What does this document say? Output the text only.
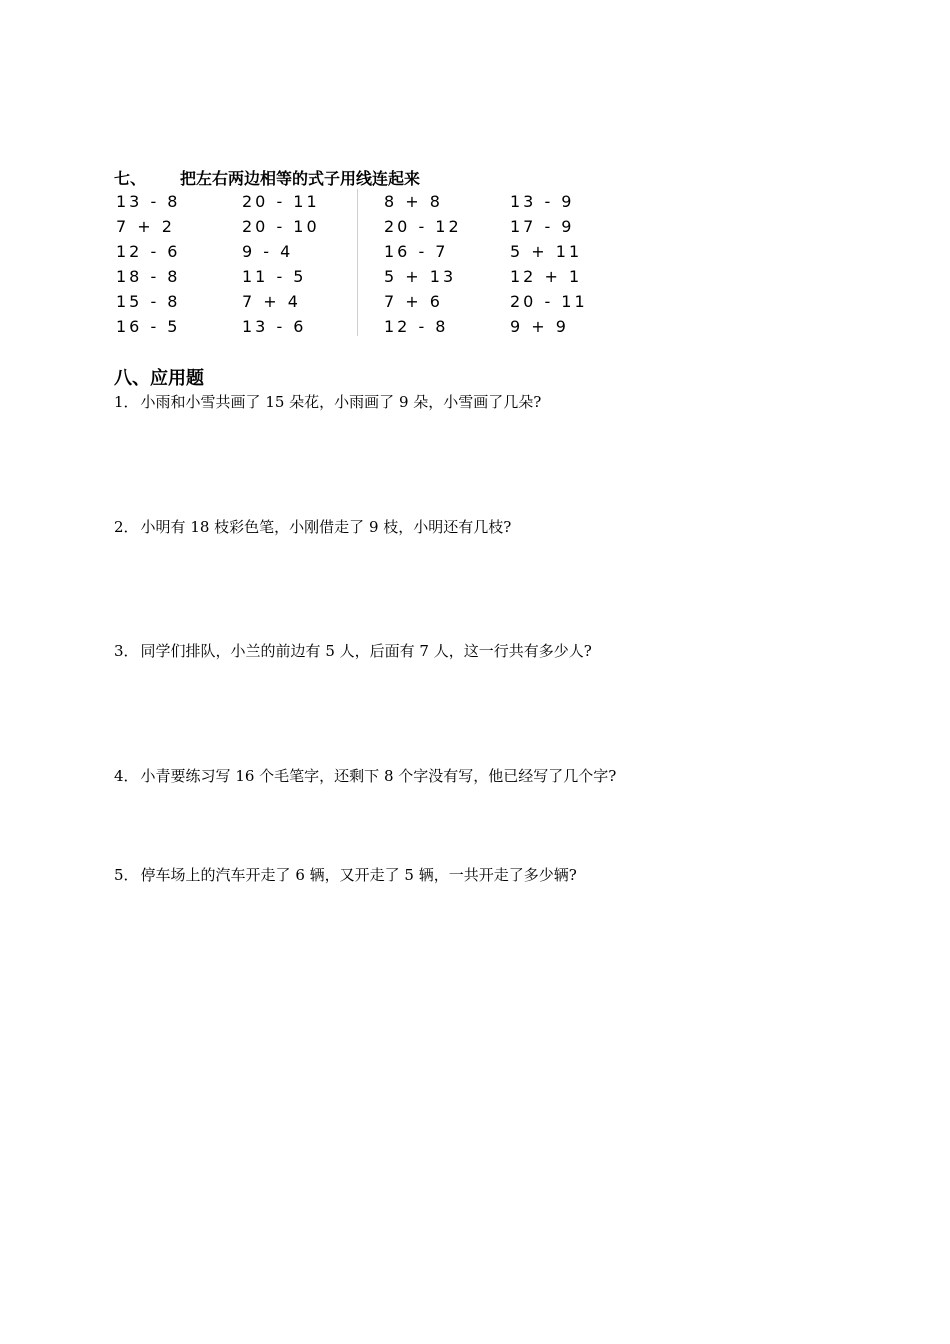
七、 把左右两边相等的式子用线连起来
13 - 8
7 + 2
12 - 6
18 - 8
15 - 8
16 - 5
20 - 11
20 - 10
9 - 4
11 - 5
7 + 4
13 - 6
8 + 8
20 - 12
16 - 7
5 + 13
7 + 6
12 - 8
13 - 9
17 - 9
5 + 11
12 + 1
20 - 11
9 + 9
八、应用题
1． 小雨和小雪共画了 15 朵花，小雨画了 9 朵，小雪画了几朵?
2． 小明有 18 枝彩色笔，小刚借走了 9 枝，小明还有几枝?
3． 同学们排队，小兰的前边有 5 人，后面有 7 人，这一行共有多少人?
4． 小青要练习写 16 个毛笔字，还剩下 8 个字没有写，他已经写了几个字?
5． 停车场上的汽车开走了 6 辆，又开走了 5 辆，一共开走了多少辆?
